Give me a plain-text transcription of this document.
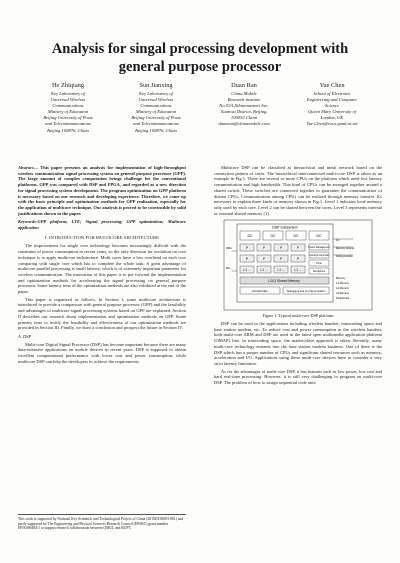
Analysis for singal processing development with general purpose processor
He Zhiqiang
Key Laboratory of
Universal Wireless
Communications
Ministry of Education
Beijing University of Posts
and Telecommunications
Beijing 100876, China
Sun Jianxing
Key Laboratory of
Universal Wireless
Communications
Ministry of Education
Beijing University of Posts
and Telecommunications
Beijing 100876, China
Duan Ran
China Mobile
Research institute
No.53A,Xibianmennei Ave,
Xuanwu District, Beijing,
100053 China
duanran@chinamobile.com
Yue Chen
School of Electronic
Engineering and Computer
Science
Queen Mary University of
London, UK
Yue.Chen@eecs.qmul.ac.uk
Abstract— This paper presents an analysis for implementation of high-throughput wireless communication signal processing system on general purpose processor (GPP). The large amount of complex computation brings challenge for the conventional platforms. GPP was compared with DSP and FPGA, and regarded as a new direction for signal processing system development. The program optimization on GPP platform is necessary based on our research and developing experience. Therefore, we come up with the basic principle and optimization methods for GPP realization, especially for the application of multicore technique. Our analysis is proved to be convincible by solid justifications shown in the paper.
Keywords-GPP platform; LTE; Signal processing; GPP optimization; Multicore application
I. INTRODUCTION FOR MULTICORE ARCHITECTURE

The improvement for single core technology becomes increasingly difficult with the constraint of power consumption in recent years, so the only direction for evolution on core technique is to apply multicore architecture. Multi cores have a low overhead on each core comparing with single core which has to complete the whole task. A great advantage of multicore parallel processing is small latency, which is of extremely important parameter for wireless communication. The innovation of this paper is to put forward the implementation and optimization methods for accelerating the signal processing on general purpose processor. Some latency tests of the optimization methods are also exhibited at the end of the paper.

This paper is organized as follows. In Section I, some multicore architecture is introduced to provide a comparison with general purpose processor (GPP) and the feasibility and advantages of multicore signal processing systems based on GPP are explained. Section II describes our research about implementation and optimization methods on GPP. Some primary tests to testify the feasibility and effectiveness of our optimization methods are provided in Section III. Finally, we draw a conclusion and prospect the future in Section IV.

A. DSP

Multi-core Digital Signal Processor (DSP) has become important because there are many data-intensive applications on mobile devices in recent years. DSP is supposed to obtain excellent computational performance with lower cost and power consumption, while multicore DSP can help the developers to achieve the requirements.

This work is supported by National Key Scientific and Technological Project of China (2010ZX03003-001) and partly supported by The Engineering and Physical Sciences Research Council (EPSRC) grant number EP/K006484/1 to support research collaboration between QMUL and BUPT.

Multicore DSP can be classified as hierarchical and mesh network based on the connection pattern of cores. The hierarchical interconnected multi-core DSP is taken as an example in Fig.1. There are several or more CPUs on the platform which need low latency communication and high bandwidth. This kind of CPUs can be arranged together around a shared switch. These switches are connected together to guarantee the communication of distant CPUs. Communication among CPUs can be realized through memory transfer. It's necessary to explain three kinds of memory shown in Fig.1. Level 1 indicates local memory only used by each core. Level 2 can be shared between the cores. Level 3 represents internal or external shared memory [1].

DSP Subsystem
DC	DC	DC	DC
P	P	P	P
P	P	P	P
L1 ...	L1 ...	L1 ...	L1 ...
Power Management
Interrupt Controller
Timer
Semaphore
L2/L3 Shared Memory
Peripherals	Debugging and on-chip emulation
DMA
Bus
I/O
Memory Access
Debug Access
Memory
L1 Memory
L2 Memory
L3 Memory
Peripherals
Figure 1. Typical multi-core DSP platform

DSP can be used in the applications including wireless handset, transcoding space and base station modem, etc. To reduce cost and power consumption in the wireless handset, both multi-core ARM and DSP are used in the latest open multimedia application platform (OMAP) line. In transcoding space, the master/slave approach is taken. Recently, many multi-core technology entrants into the base station modem business. One of them is the DSP which has a proper number of CPUs and significant shared resources such as memory, acceleration and I/O. Applications using these multi-core devices have to consider a very strict latency limitation.

As for the advantages of multi-core DSP, it has features such as low power, low cost and hard real-time processing. However, it is still very challenging to program on multi-core DSP. The problem of how to assign sequential code onto
